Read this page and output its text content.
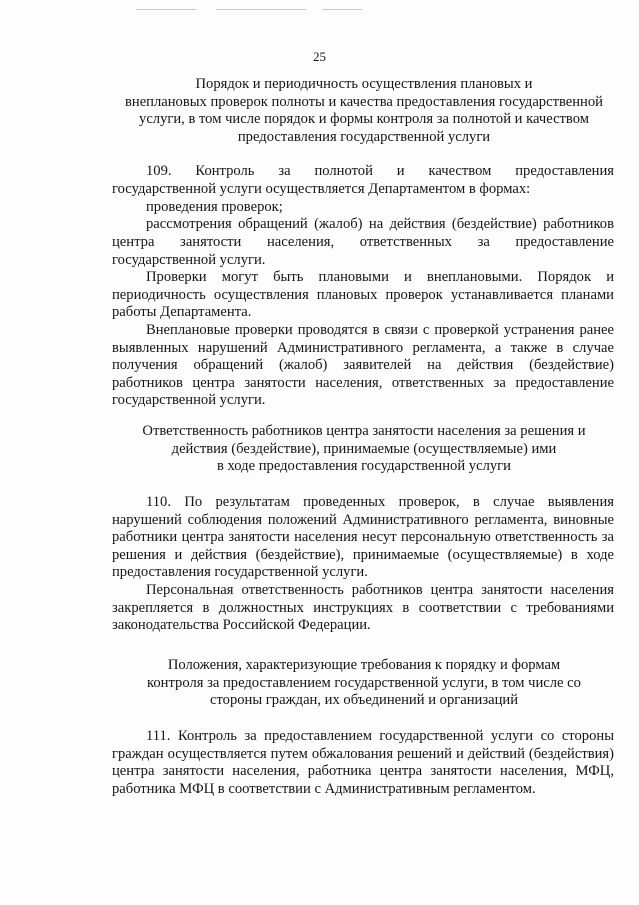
25
Порядок и периодичность осуществления плановых и
внеплановых проверок полноты и качества предоставления государственной
услуги, в том числе порядок и формы контроля за полнотой и качеством
предоставления государственной услуги
109. Контроль за полнотой и качеством предоставления
государственной услуги осуществляется Департаментом в формах:
проведения проверок;
рассмотрения обращений (жалоб) на действия (бездействие) работников
центра занятости населения, ответственных за предоставление
государственной услуги.
Проверки могут быть плановыми и внеплановыми. Порядок и периодичность осуществления плановых проверок устанавливается планами работы Департамента.
Внеплановые проверки проводятся в связи с проверкой устранения ранее выявленных нарушений Административного регламента, а также в случае получения обращений (жалоб) заявителей на действия (бездействие) работников центра занятости населения, ответственных за предоставление государственной услуги.
Ответственность работников центра занятости населения за решения и
действия (бездействие), принимаемые (осуществляемые) ими
в ходе предоставления государственной услуги
110. По результатам проведенных проверок, в случае выявления нарушений соблюдения положений Административного регламента, виновные работники центра занятости населения несут персональную ответственность за решения и действия (бездействие), принимаемые (осуществляемые) в ходе предоставления государственной услуги.
Персональная ответственность работников центра занятости населения закрепляется в должностных инструкциях в соответствии с требованиями законодательства Российской Федерации.
Положения, характеризующие требования к порядку и формам
контроля за предоставлением государственной услуги, в том числе со
стороны граждан, их объединений и организаций
111. Контроль за предоставлением государственной услуги со стороны граждан осуществляется путем обжалования решений и действий (бездействия) центра занятости населения, работника центра занятости населения, МФЦ, работника МФЦ в соответствии с Административным регламентом.
